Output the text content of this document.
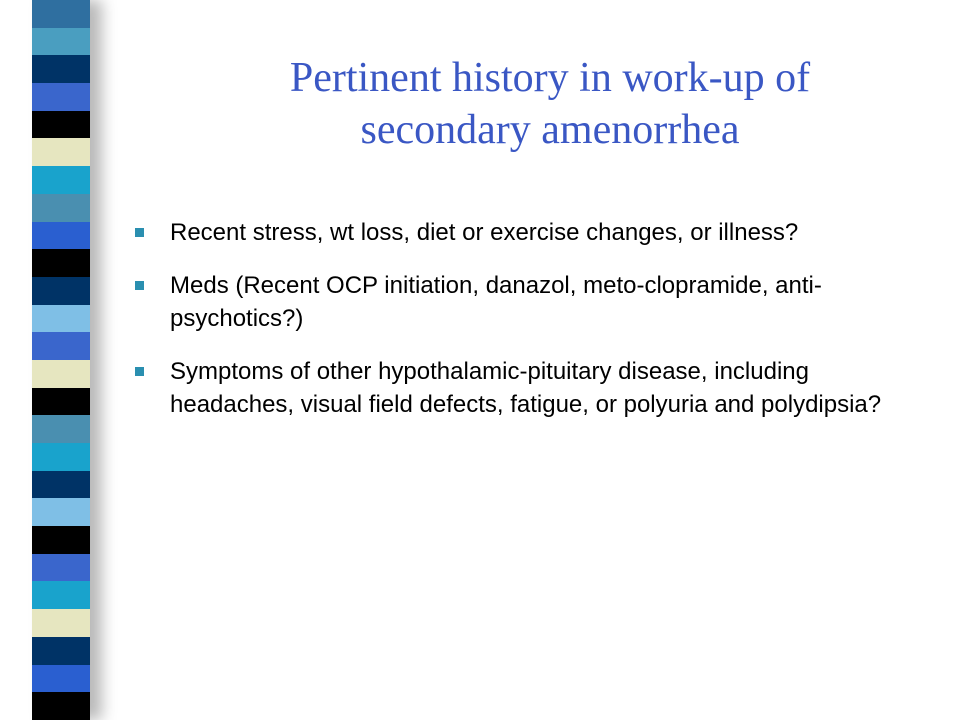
Pertinent history in work-up of
secondary amenorrhea
Recent stress, wt loss, diet or exercise changes, or illness?
Meds (Recent OCP initiation, danazol, meto-clopramide, anti-psychotics?)
Symptoms of other hypothalamic-pituitary disease, including headaches, visual field defects, fatigue, or polyuria and polydipsia?
